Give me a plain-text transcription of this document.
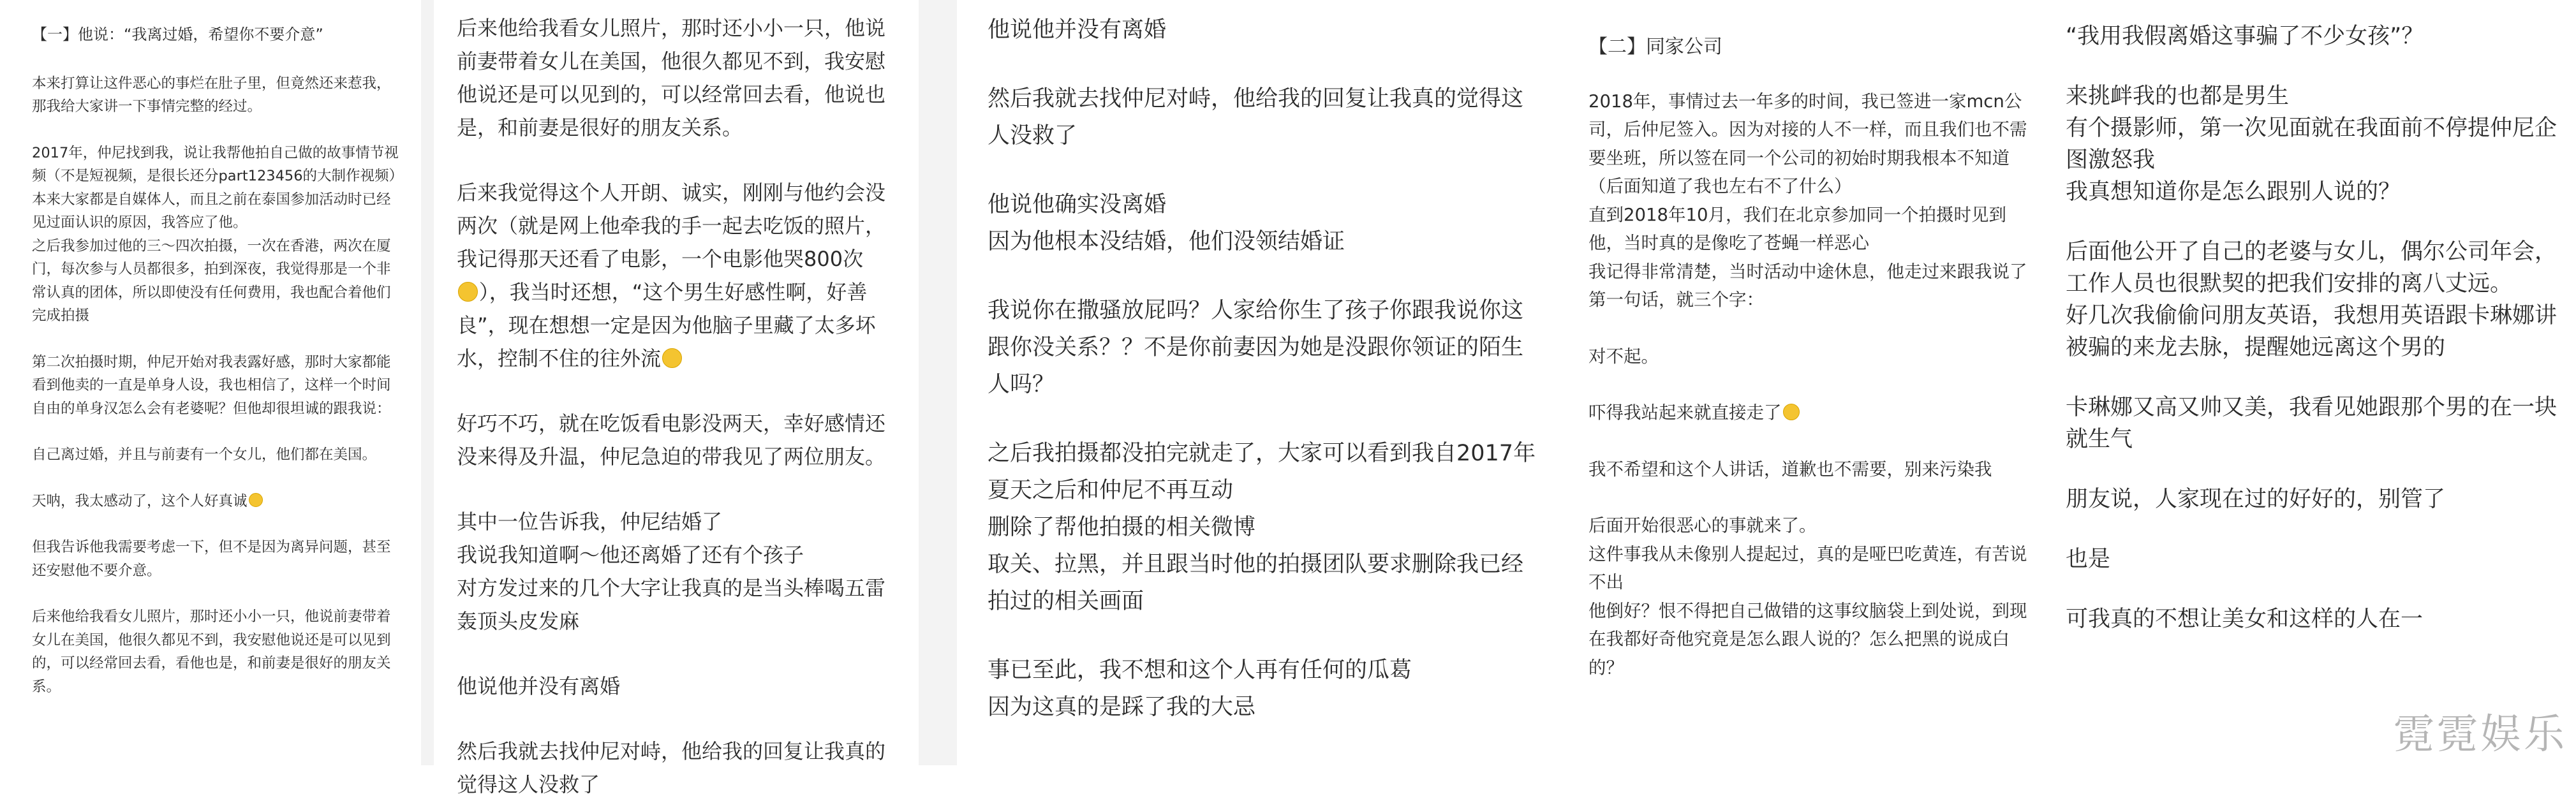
【一】他说：“我离过婚，希望你不要介意”

本来打算让这件恶心的事烂在肚子里，但竟然还来惹我，那我给大家讲一下事情完整的经过。

2017年，仲尼找到我，说让我帮他拍自己做的故事情节视频（不是短视频，是很长还分part123456的大制作视频）本来大家都是自媒体人，而且之前在泰国参加活动时已经见过面认识的原因，我答应了他。
之后我参加过他的三～四次拍摄，一次在香港，两次在厦门，每次参与人员都很多，拍到深夜，我觉得那是一个非常认真的团体，所以即使没有任何费用，我也配合着他们完成拍摄

第二次拍摄时期，仲尼开始对我表露好感，那时大家都能看到他卖的一直是单身人设，我也相信了，这样一个时间自由的单身汉怎么会有老婆呢？但他却很坦诚的跟我说：

自己离过婚，并且与前妻有一个女儿，他们都在美国。

天呐，我太感动了，这个人好真诚

但我告诉他我需要考虑一下，但不是因为离异问题，甚至还安慰他不要介意。

后来他给我看女儿照片，那时还小小一只，他说前妻带着女儿在美国，他很久都见不到，我安慰他说还是可以见到的，可以经常回去看，看他也是，和前妻是很好的朋友关系。

后来他给我看女儿照片，那时还小小一只，他说前妻带着女儿在美国，他很久都见不到，我安慰他说还是可以见到的，可以经常回去看，他说也是，和前妻是很好的朋友关系。

后来我觉得这个人开朗、诚实，刚刚与他约会没两次（就是网上他牵我的手一起去吃饭的照片，我记得那天还看了电影，一个电影他哭800次
），我当时还想，“这个男生好感性啊，好善良”，现在想想一定是因为他脑子里藏了太多坏水，控制不住的往外流

好巧不巧，就在吃饭看电影没两天，幸好感情还没来得及升温，仲尼急迫的带我见了两位朋友。

其中一位告诉我，仲尼结婚了
我说我知道啊～他还离婚了还有个孩子
对方发过来的几个大字让我真的是当头棒喝五雷轰顶头皮发麻

他说他并没有离婚

然后我就去找仲尼对峙，他给我的回复让我真的觉得这人没救了

他说他并没有离婚

然后我就去找仲尼对峙，他给我的回复让我真的觉得这人没救了

他说他确实没离婚
因为他根本没结婚，他们没领结婚证

我说你在撒骚放屁吗？人家给你生了孩子你跟我说你这跟你没关系？？不是你前妻因为她是没跟你领证的陌生人吗？

之后我拍摄都没拍完就走了，大家可以看到我自2017年夏天之后和仲尼不再互动
删除了帮他拍摄的相关微博
取关、拉黑，并且跟当时他的拍摄团队要求删除我已经拍过的相关画面

事已至此，我不想和这个人再有任何的瓜葛
因为这真的是踩了我的大忌

【二】同家公司

2018年，事情过去一年多的时间，我已签进一家mcn公司，后仲尼签入。因为对接的人不一样，而且我们也不需要坐班，所以签在同一个公司的初始时期我根本不知道
（后面知道了我也左右不了什么）
直到2018年10月，我们在北京参加同一个拍摄时见到他，当时真的是像吃了苍蝇一样恶心
我记得非常清楚，当时活动中途休息，他走过来跟我说了第一句话，就三个字：

对不起。

吓得我站起来就直接走了

我不希望和这个人讲话，道歉也不需要，别来污染我

后面开始很恶心的事就来了。
这件事我从未像别人提起过，真的是哑巴吃黄连，有苦说不出
他倒好？恨不得把自己做错的这事纹脑袋上到处说，到现在我都好奇他究竟是怎么跟人说的？怎么把黑的说成白的？

“我用我假离婚这事骗了不少女孩”？

来挑衅我的也都是男生
有个摄影师，第一次见面就在我面前不停提仲尼企图激怒我
我真想知道你是怎么跟别人说的？

后面他公开了自己的老婆与女儿，偶尔公司年会，工作人员也很默契的把我们安排的离八丈远。
好几次我偷偷问朋友英语，我想用英语跟卡琳娜讲被骗的来龙去脉，提醒她远离这个男的

卡琳娜又高又帅又美，我看见她跟那个男的在一块就生气

朋友说，人家现在过的好好的，别管了

也是

可我真的不想让美女和这样的人在一

霓霓娱乐
